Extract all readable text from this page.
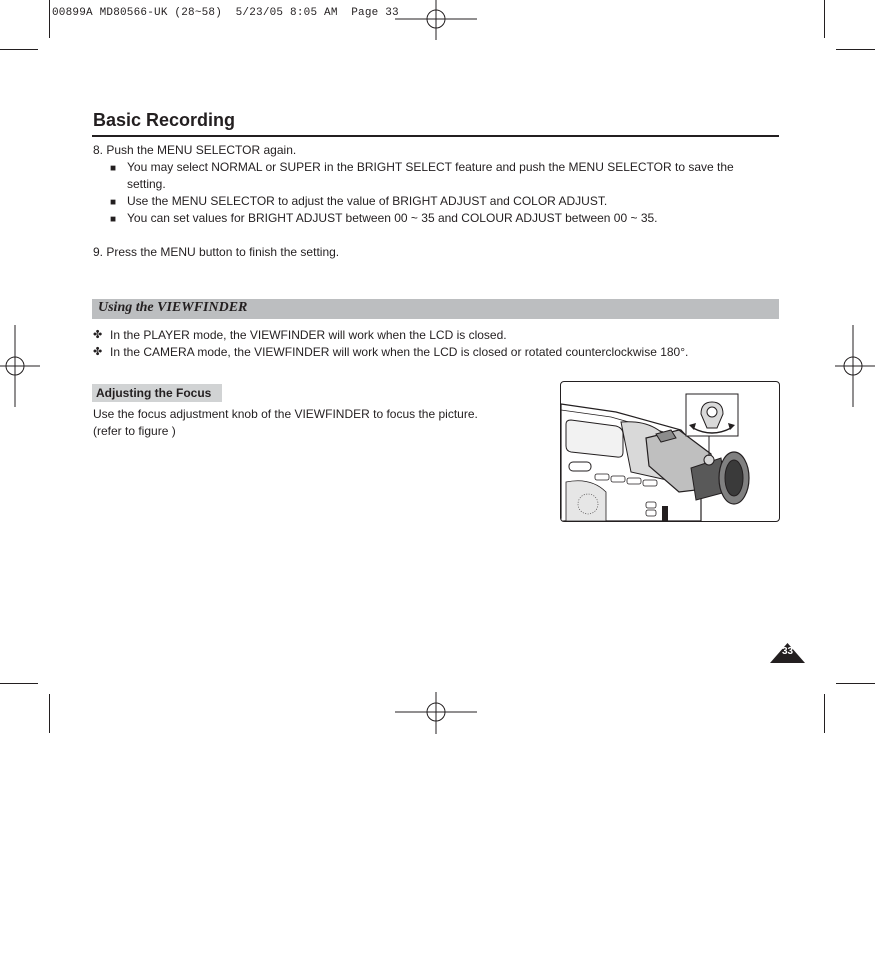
00899A MD80566-UK (28~58)  5/23/05 8:05 AM  Page 33
Basic Recording
8. Push the MENU SELECTOR again.
■ You may select NORMAL or SUPER in the BRIGHT SELECT feature and push the MENU SELECTOR to save the
setting.
■ Use the MENU SELECTOR to adjust the value of BRIGHT ADJUST and COLOR ADJUST.
■ You can set values for BRIGHT ADJUST between 00 ~ 35 and COLOUR ADJUST between 00 ~ 35.
9. Press the MENU button to finish the setting.
Using the VIEWFINDER
✤ In the PLAYER mode, the VIEWFINDER will work when the LCD is closed.
✤ In the CAMERA mode, the VIEWFINDER will work when the LCD is closed or rotated counterclockwise 180°.
Adjusting the Focus
Use the focus adjustment knob of the VIEWFINDER to focus the picture.
(refer to figure )
33
